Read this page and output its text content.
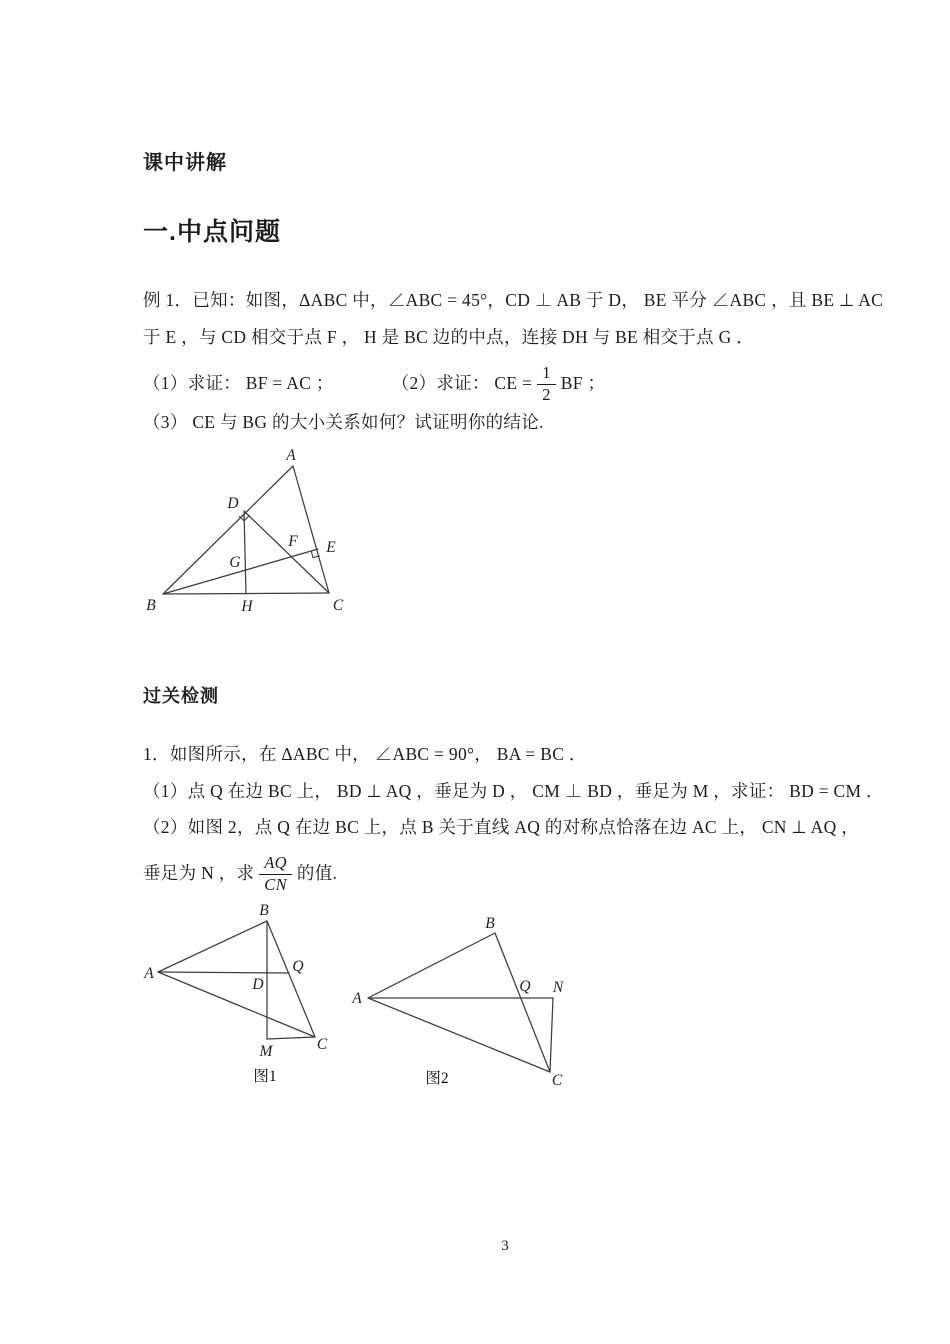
课中讲解
一.中点问题
例 1．已知：如图，ΔABC 中，∠ABC = 45°，CD ⊥ AB 于 D， BE 平分 ∠ABC ，且 BE ⊥ AC
于 E ，与 CD 相交于点 F ， H 是 BC 边的中点，连接 DH 与 BE 相交于点 G ．
（1）求证： BF = AC ；	（2）求证： CE = $\frac{1}{2}$ BF ；
（3） CE 与 BG 的大小关系如何？试证明你的结论.
A
B	C
D
E
F
G
H
过关检测
1．如图所示，在 ΔABC 中， ∠ABC = 90°， BA = BC ．
（1）点 Q 在边 BC 上， BD ⊥ AQ ，垂足为 D ， CM ⊥ BD ，垂足为 M ，求证： BD = CM ．
（2）如图 2，点 Q 在边 BC 上，点 B 关于直线 AQ 的对称点恰落在边 AC 上， CN ⊥ AQ ，
垂足为 N ，求 $\frac{AQ}{CN}$ 的值.
A
B
C
D
M
Q
图1
A
B
C
N
Q
图2
3
